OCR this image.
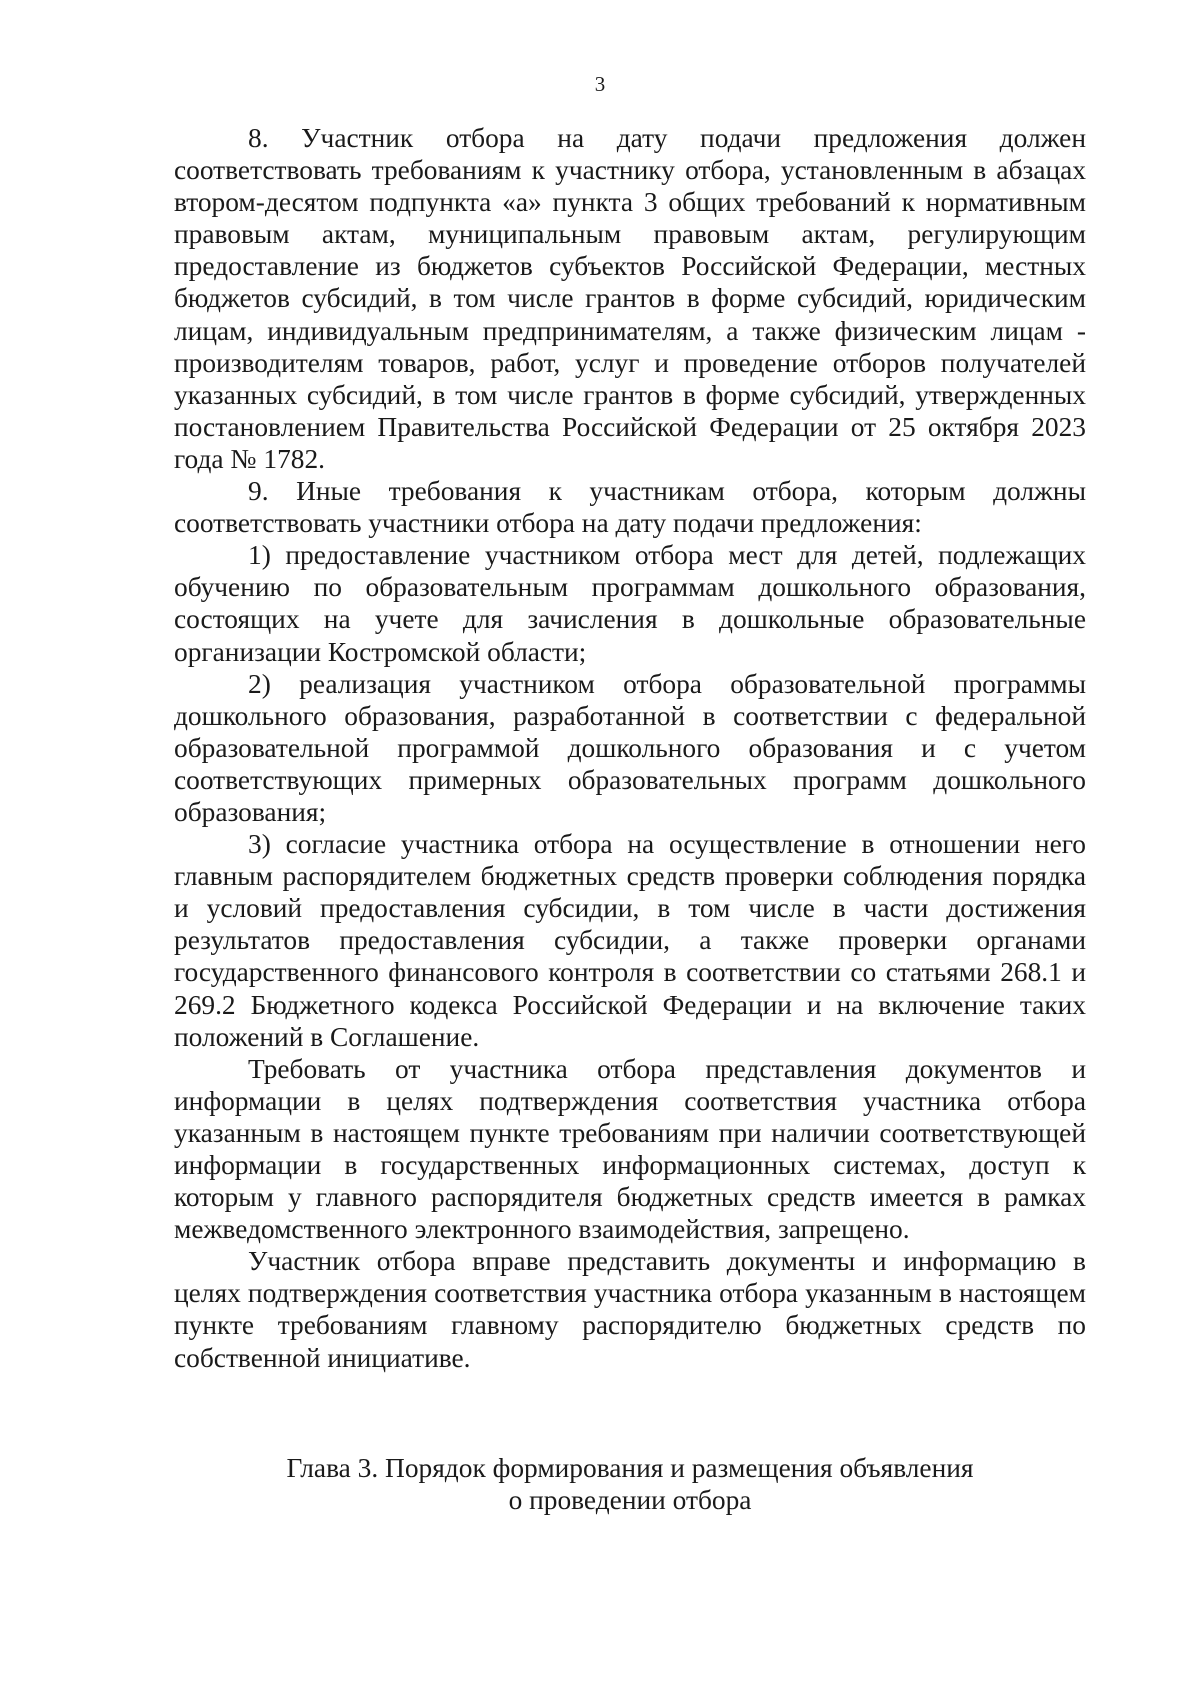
3

8. Участник отбора на дату подачи предложения должен соответствовать требованиям к участнику отбора, установленным в абзацах втором-десятом подпункта «а» пункта 3 общих требований к нормативным правовым актам, муниципальным правовым актам, регулирующим предоставление из бюджетов субъектов Российской Федерации, местных бюджетов субсидий, в том числе грантов в форме субсидий, юридическим лицам, индивидуальным предпринимателям, а также физическим лицам - производителям товаров, работ, услуг и проведение отборов получателей указанных субсидий, в том числе грантов в форме субсидий, утвержденных постановлением Правительства Российской Федерации от 25 октября 2023 года № 1782.

9. Иные требования к участникам отбора, которым должны соответствовать участники отбора на дату подачи предложения:

1) предоставление участником отбора мест для детей, подлежащих обучению по образовательным программам дошкольного образования, состоящих на учете для зачисления в дошкольные образовательные организации Костромской области;

2) реализация участником отбора образовательной программы дошкольного образования, разработанной в соответствии с федеральной образовательной программой дошкольного образования и с учетом соответствующих примерных образовательных программ дошкольного образования;

3) согласие участника отбора на осуществление в отношении него главным распорядителем бюджетных средств проверки соблюдения порядка и условий предоставления субсидии, в том числе в части достижения результатов предоставления субсидии, а также проверки органами государственного финансового контроля в соответствии со статьями 268.1 и 269.2 Бюджетного кодекса Российской Федерации и на включение таких положений в Соглашение.

Требовать от участника отбора представления документов и информации в целях подтверждения соответствия участника отбора указанным в настоящем пункте требованиям при наличии соответствующей информации в государственных информационных системах, доступ к которым у главного распорядителя бюджетных средств имеется в рамках межведомственного электронного взаимодействия, запрещено.

Участник отбора вправе представить документы и информацию в целях подтверждения соответствия участника отбора указанным в настоящем пункте требованиям главному распорядителю бюджетных средств по собственной инициативе.

Глава 3. Порядок формирования и размещения объявления
о проведении отбора
